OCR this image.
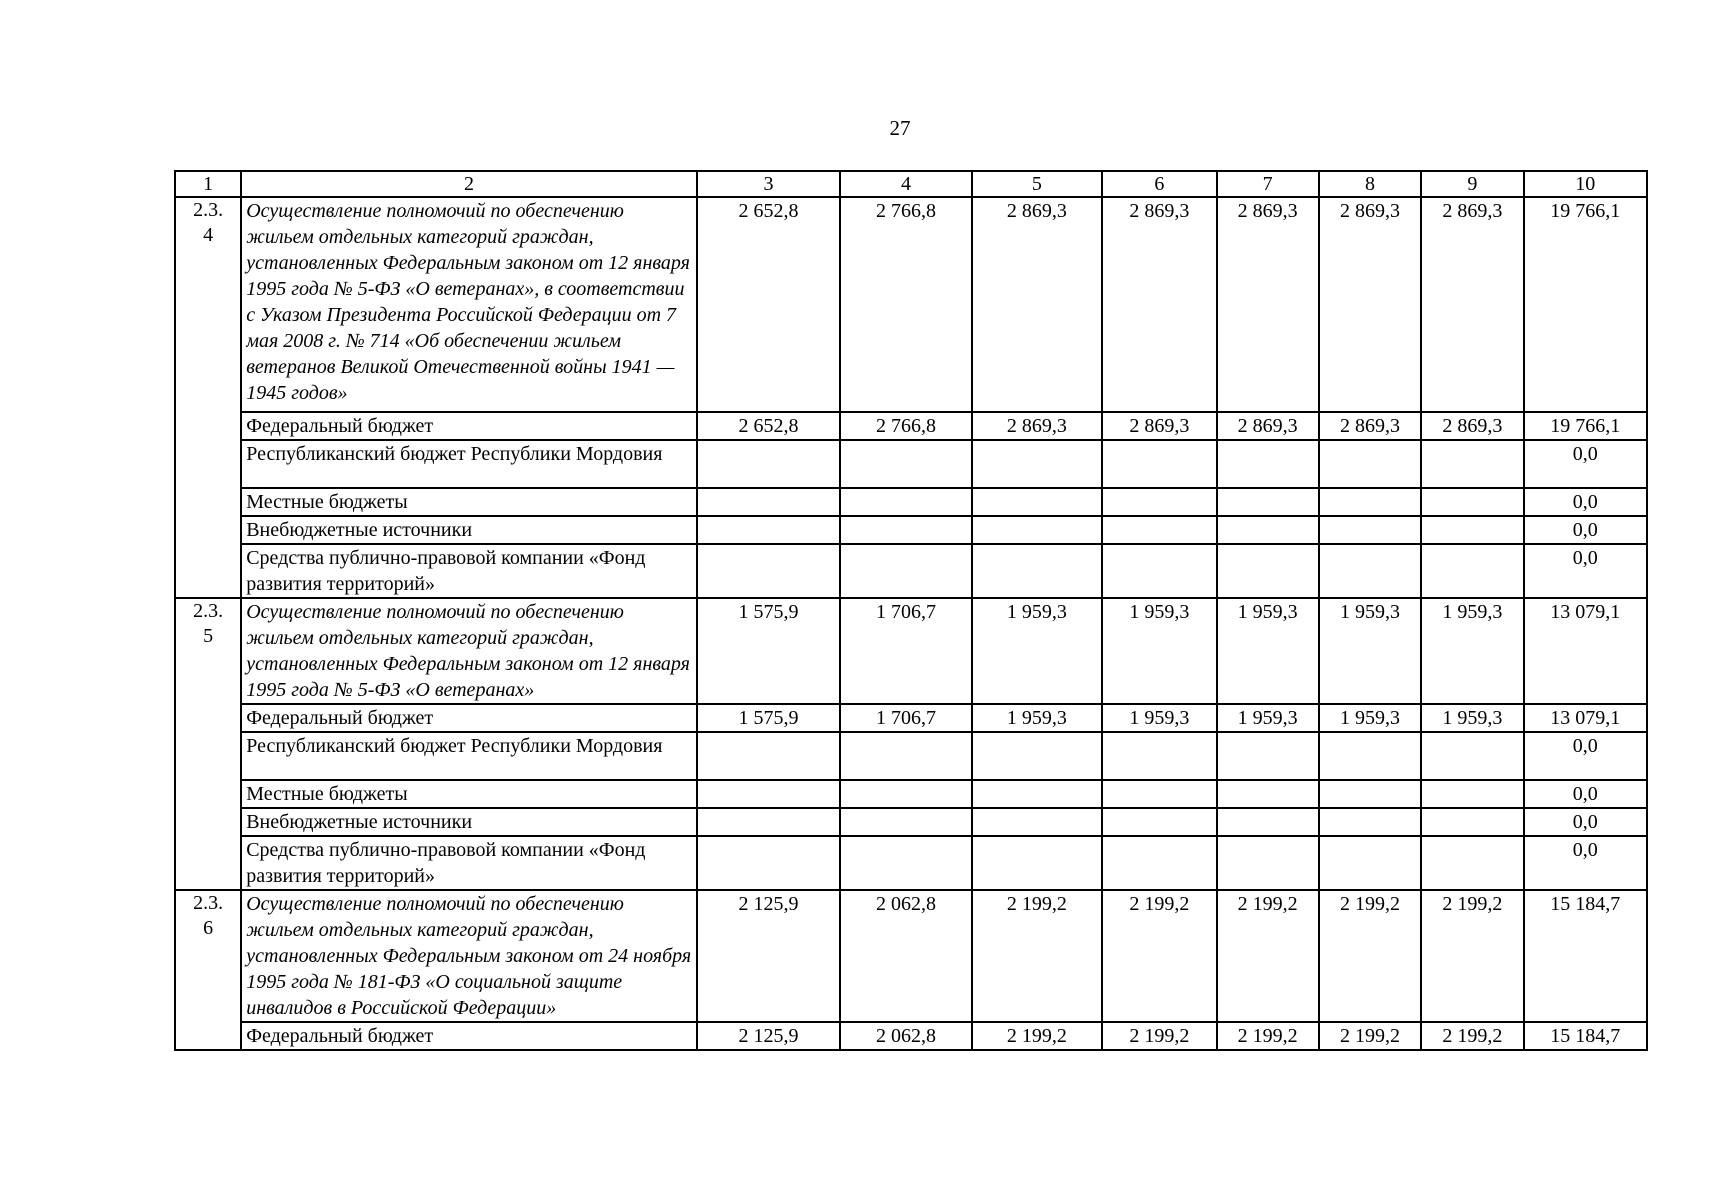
27
1	2	3	4	5	6	7	8	9	10
2.3.
4	Осуществление полномочий по обеспечению жильем отдельных категорий граждан, установленных Федеральным законом от 12 января 1995 года № 5-ФЗ «О ветеранах», в соответствии с Указом Президента Российской Федерации от 7 мая 2008 г. № 714 «Об обеспечении жильем ветеранов Великой Отечественной войны 1941 — 1945 годов»	2 652,8	2 766,8	2 869,3	2 869,3	2 869,3	2 869,3	2 869,3	19 766,1
	Федеральный бюджет	2 652,8	2 766,8	2 869,3	2 869,3	2 869,3	2 869,3	2 869,3	19 766,1
	Республиканский бюджет Республики Мордовия								0,0
	Местные бюджеты								0,0
	Внебюджетные источники								0,0
	Средства публично-правовой компании «Фонд развития территорий»								0,0
2.3.
5	Осуществление полномочий по обеспечению жильем отдельных категорий граждан, установленных Федеральным законом от 12 января 1995 года № 5-ФЗ «О ветеранах»	1 575,9	1 706,7	1 959,3	1 959,3	1 959,3	1 959,3	1 959,3	13 079,1
	Федеральный бюджет	1 575,9	1 706,7	1 959,3	1 959,3	1 959,3	1 959,3	1 959,3	13 079,1
	Республиканский бюджет Республики Мордовия								0,0
	Местные бюджеты								0,0
	Внебюджетные источники								0,0
	Средства публично-правовой компании «Фонд развития территорий»								0,0
2.3.
6	Осуществление полномочий по обеспечению жильем отдельных категорий граждан, установленных Федеральным законом от 24 ноября 1995 года № 181-ФЗ «О социальной защите инвалидов в Российской Федерации»	2 125,9	2 062,8	2 199,2	2 199,2	2 199,2	2 199,2	2 199,2	15 184,7
	Федеральный бюджет	2 125,9	2 062,8	2 199,2	2 199,2	2 199,2	2 199,2	2 199,2	15 184,7
